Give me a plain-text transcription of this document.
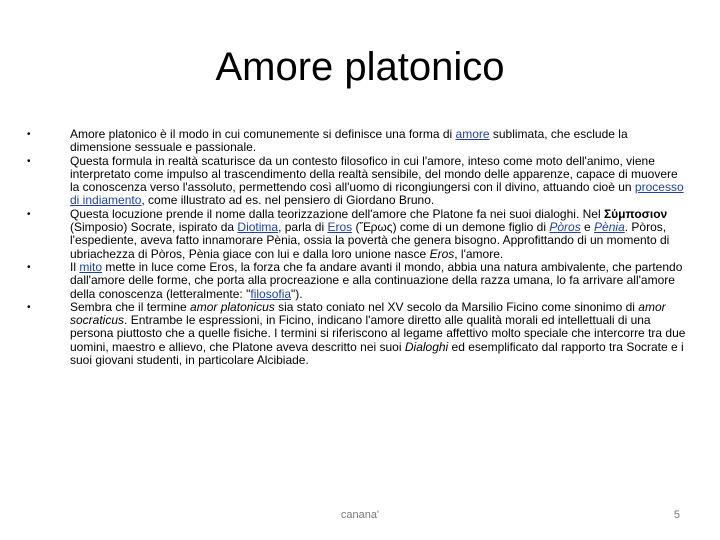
Amore platonico
•	Amore platonico è il modo in cui comunemente si definisce una forma di amore sublimata, che esclude la dimensione sessuale e passionale.
•	Questa formula in realtà scaturisce da un contesto filosofico in cui l'amore, inteso come moto dell'animo, viene interpretato come impulso al trascendimento della realtà sensibile, del mondo delle apparenze, capace di muovere la conoscenza verso l'assoluto, permettendo così all'uomo di ricongiungersi con il divino, attuando cioè un processo di indiamento, come illustrato ad es. nel pensiero di Giordano Bruno.
•	Questa locuzione prende il nome dalla teorizzazione dell'amore che Platone fa nei suoi dialoghi. Nel Σύμποσιον (Simposio) Socrate, ispirato da Diotima, parla di Eros (Ἔρως) come di un demone figlio di Pòros e Pènia. Pòros, l'espediente, aveva fatto innamorare Pènia, ossia la povertà che genera bisogno. Approfittando di un momento di ubriachezza di Pòros, Pènia giace con lui e dalla loro unione nasce Eros, l'amore.
•	Il mito mette in luce come Eros, la forza che fa andare avanti il mondo, abbia una natura ambivalente, che partendo dall'amore delle forme, che porta alla procreazione e alla continuazione della razza umana, lo fa arrivare all'amore della conoscenza (letteralmente: "filosofia").
•	Sembra che il termine amor platonicus sia stato coniato nel XV secolo da Marsilio Ficino come sinonimo di amor socraticus. Entrambe le espressioni, in Ficino, indicano l'amore diretto alle qualità morali ed intellettuali di una persona piuttosto che a quelle fisiche. I termini si riferiscono al legame affettivo molto speciale che intercorre tra due uomini, maestro e allievo, che Platone aveva descritto nei suoi Dialoghi ed esemplificato dal rapporto tra Socrate e i suoi giovani studenti, in particolare Alcibiade.
canana'	5
